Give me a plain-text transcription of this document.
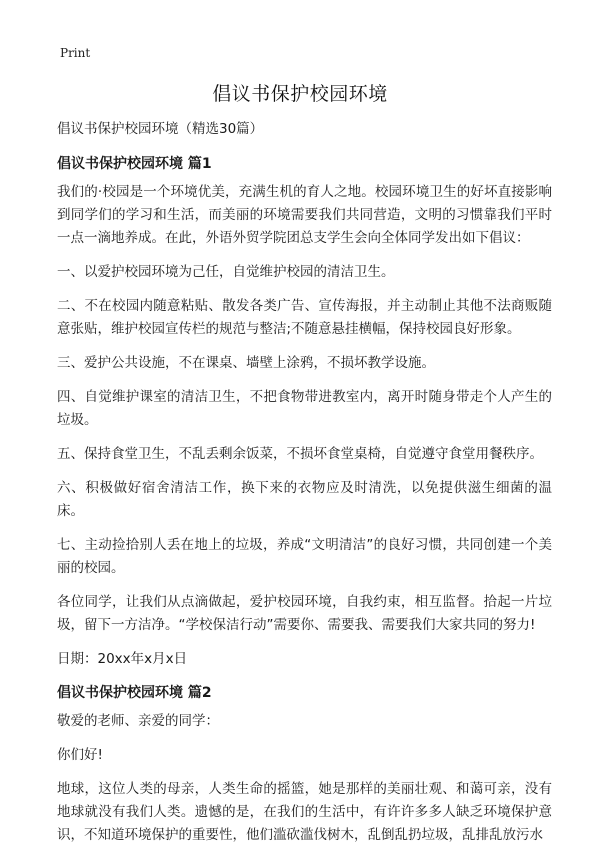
Print
倡议书保护校园环境

倡议书保护校园环境（精选30篇）

倡议书保护校园环境 篇1

我们的·校园是一个环境优美，充满生机的育人之地。校园环境卫生的好坏直接影响到同学们的学习和生活，而美丽的环境需要我们共同营造，文明的习惯靠我们平时一点一滴地养成。在此，外语外贸学院团总支学生会向全体同学发出如下倡议：

一、以爱护校园环境为己任，自觉维护校园的清洁卫生。

二、不在校园内随意粘贴、散发各类广告、宣传海报，并主动制止其他不法商贩随意张贴，维护校园宣传栏的规范与整洁;不随意悬挂横幅，保持校园良好形象。

三、爱护公共设施，不在课桌、墙壁上涂鸦，不损坏教学设施。

四、自觉维护课室的清洁卫生，不把食物带进教室内，离开时随身带走个人产生的垃圾。

五、保持食堂卫生，不乱丢剩余饭菜，不损坏食堂桌椅，自觉遵守食堂用餐秩序。

六、积极做好宿舍清洁工作，换下来的衣物应及时清洗，以免提供滋生细菌的温床。

七、主动捡拾别人丢在地上的垃圾，养成“文明清洁”的良好习惯，共同创建一个美丽的校园。

各位同学，让我们从点滴做起，爱护校园环境，自我约束，相互监督。拾起一片垃圾，留下一方洁净。“学校保洁行动”需要你、需要我、需要我们大家共同的努力!

日期：20xx年x月x日

倡议书保护校园环境 篇2

敬爱的老师、亲爱的同学：

你们好!

地球，这位人类的母亲，人类生命的摇篮，她是那样的美丽壮观、和蔼可亲，没有地球就没有我们人类。遗憾的是，在我们的生活中，有许许多多人缺乏环境保护意识，不知道环境保护的重要性，他们滥砍滥伐树木，乱倒乱扔垃圾，乱排乱放污水
